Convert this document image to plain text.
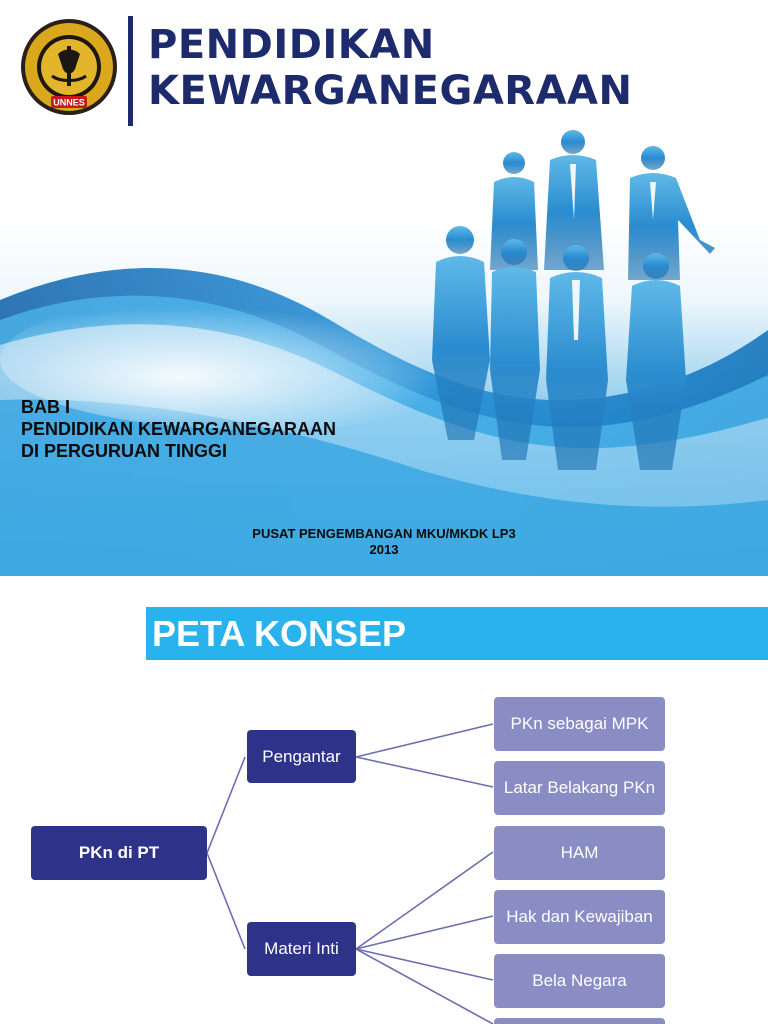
UNNES
PENDIDIKAN
KEWARGANEGARAAN
BAB I
PENDIDIKAN KEWARGANEGARAAN
DI PERGURUAN TINGGI
PUSAT PENGEMBANGAN MKU/MKDK LP3
2013
PETA KONSEP
PKn di PT
Pengantar
Materi Inti
PKn sebagai MPK
Latar Belakang PKn
HAM
Hak dan Kewajiban
Bela Negara
